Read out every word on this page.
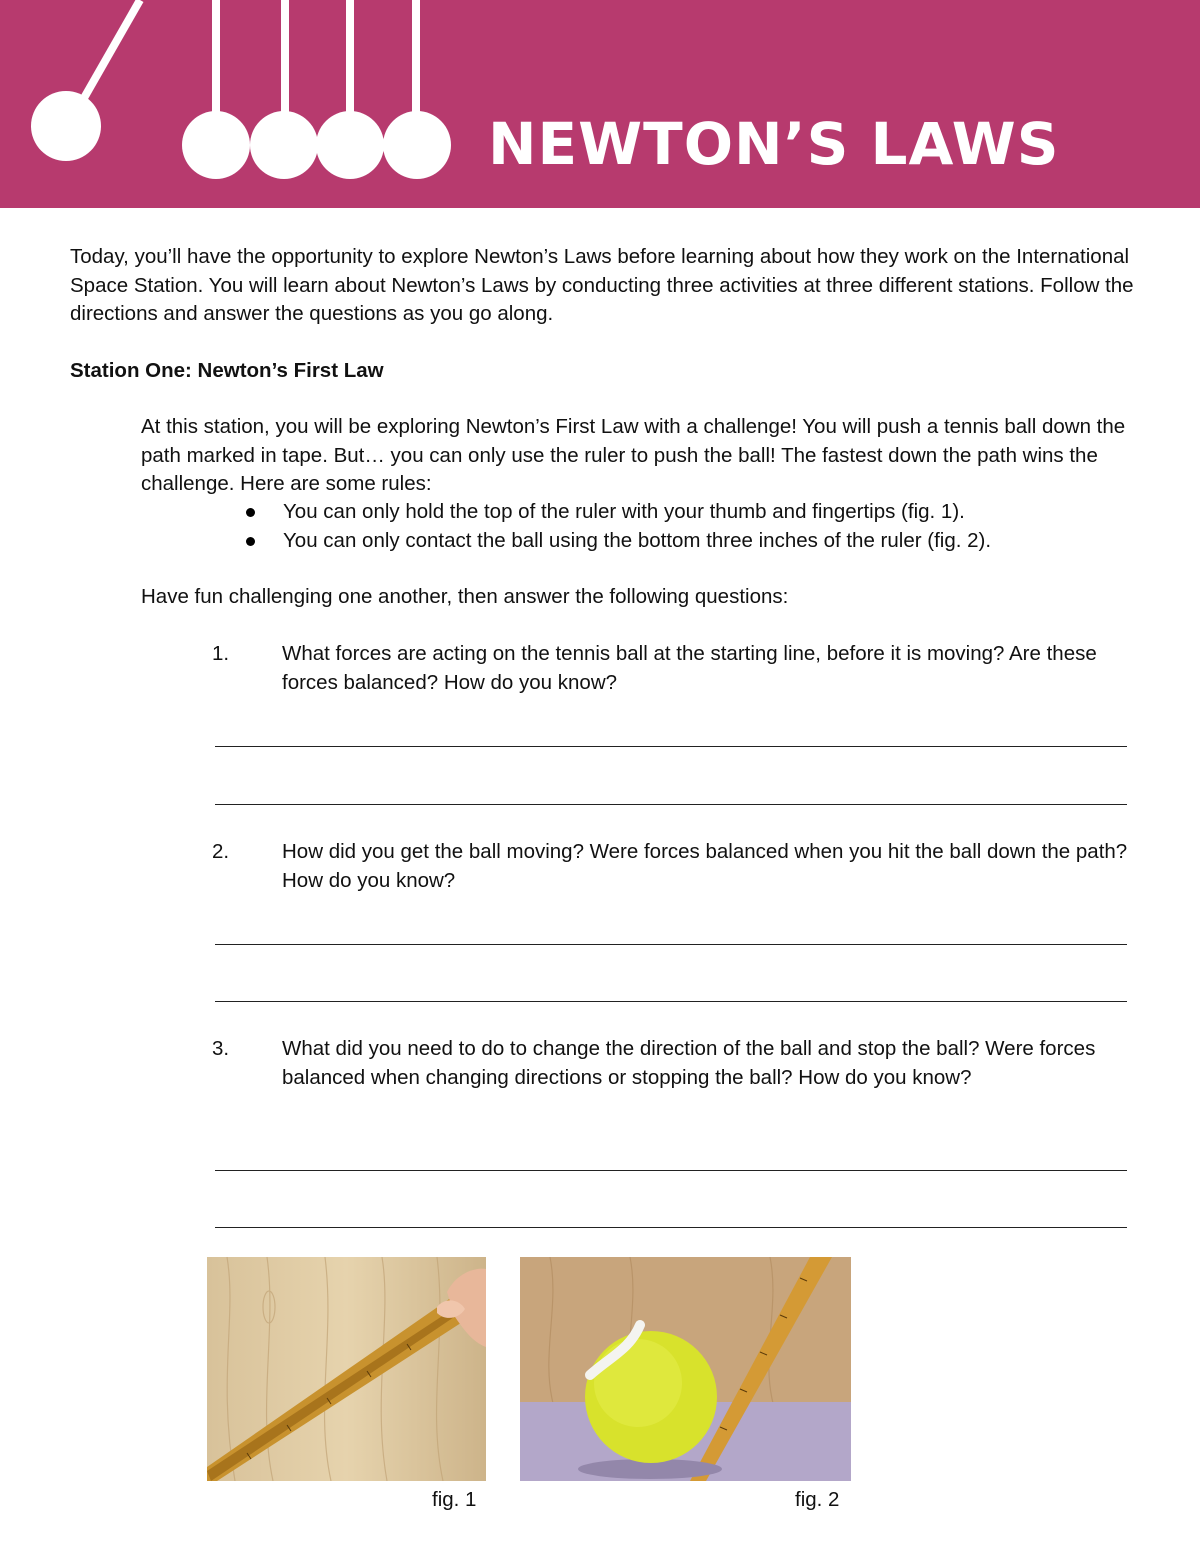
NEWTON’S LAWS
Today, you’ll have the opportunity to explore Newton’s Laws before learning about how they work on the International Space Station. You will learn about Newton’s Laws by conducting three activities at three different stations. Follow the directions and answer the questions as you go along.
Station One: Newton’s First Law
At this station, you will be exploring Newton’s First Law with a challenge! You will push a tennis ball down the path marked in tape. But… you can only use the ruler to push the ball! The fastest down the path wins the challenge. Here are some rules:
You can only hold the top of the ruler with your thumb and fingertips (fig. 1).
You can only contact the ball using the bottom three inches of the ruler (fig. 2).
Have fun challenging one another, then answer the following questions:
1.	What forces are acting on the tennis ball at the starting line, before it is moving? Are these forces balanced? How do you know?
2.	How did you get the ball moving? Were forces balanced when you hit the ball down the path? How do you know?
3.	What did you need to do to change the direction of the ball and stop the ball? Were forces balanced when changing directions or stopping the ball? How do you know?
fig. 1	fig. 2
